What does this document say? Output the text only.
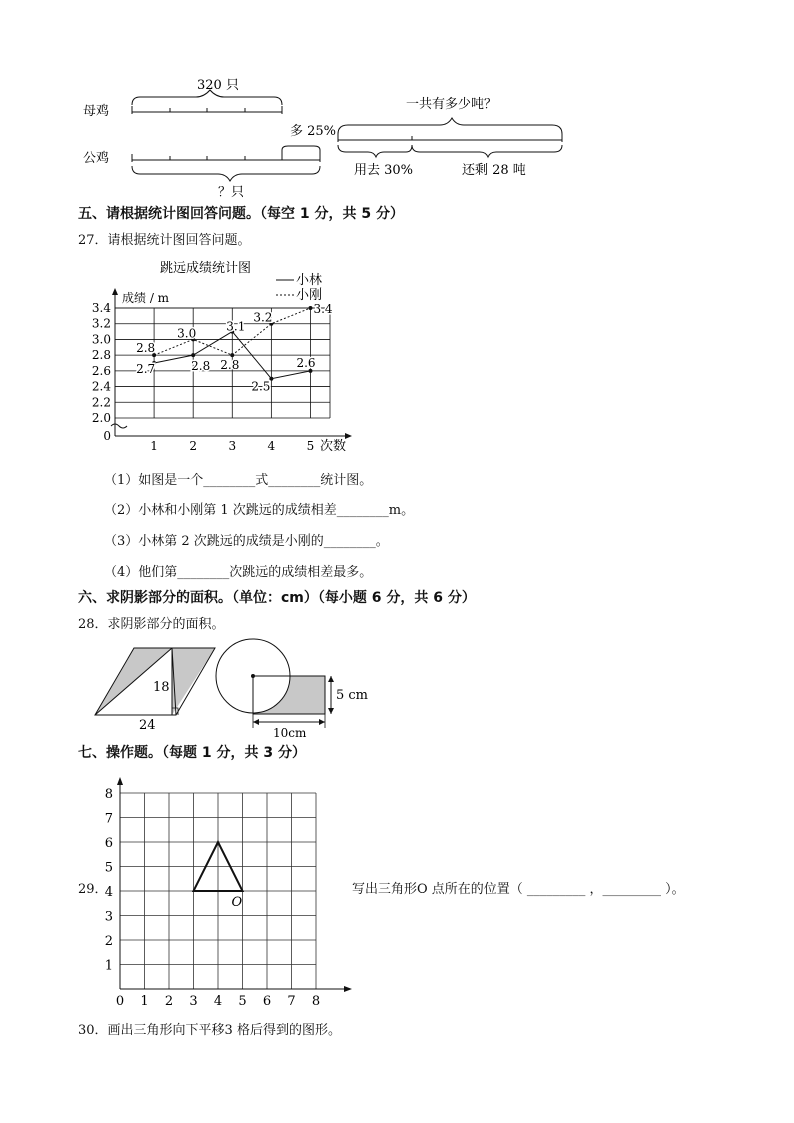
母鸡
320 只
公鸡
多 25%
？只
一共有多少吨？
用去 30%	还剩 28 吨
五、请根据统计图回答问题。（每空 1 分，共 5 分）
27．请根据统计图回答问题。
跳远成绩统计图
成绩 / m
0
2.0
2.2
2.4
2.6
2.8
3.0
3.2
3.4
1	2	3	4	5 次数
小林
小刚
2.7	2.8
3.1
2.5
2.6
2.8
3.0
2.8
3.2
3.4
（1）如图是一个________式________统计图。
（2）小林和小刚第 1 次跳远的成绩相差________m。
（3）小林第 2 次跳远的成绩是小刚的________。
（4）他们第________次跳远的成绩相差最多。
六、求阴影部分的面积。（单位：cm）（每小题 6 分，共 6 分）
28．求阴影部分的面积。
18
24
5 cm
10cm
七、操作题。（每题 1 分，共 3 分）
29．
0 1 2 3 4 5 6 7 8
1
2
3
4
5
6
7
8
O
写出三角形O 点所在的位置（ _________ ，_________ ）。
30．画出三角形向下平移3 格后得到的图形。
